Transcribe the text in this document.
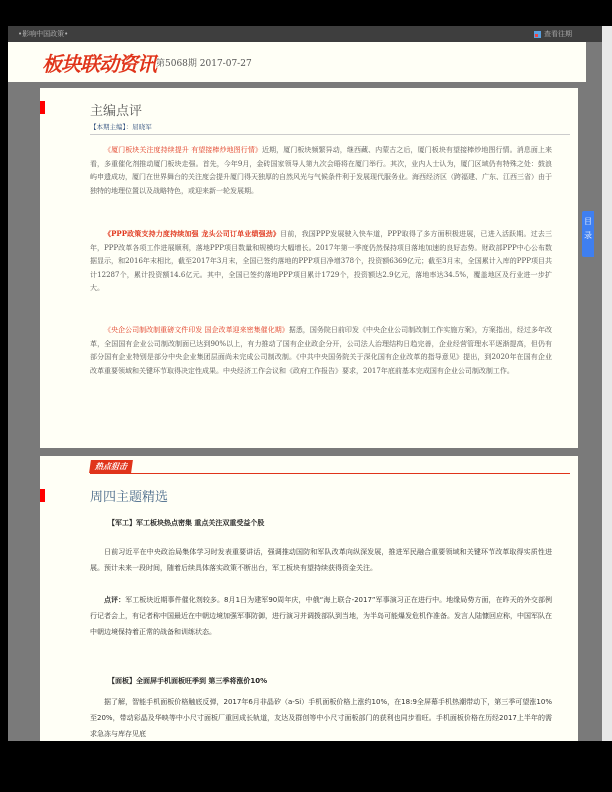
•影响中国政策•	查看往期
板块联动资讯 第5068期 2017-07-27
主编点评
【本期主编】：屈晓军
《厦门板块关注度持续提升 有望接棒炒地图行情》近期，厦门板块频繁异动，继西藏、内蒙古之后，厦门板块有望接棒炒地图行情。消息面上来看，多重催化剂推动厦门板块走强。首先，今年9月，金砖国家领导人第九次会晤将在厦门举行。其次，业内人士认为，厦门区域仍有特殊之处：鼓浪屿申遗成功，厦门在世界舞台的关注度会提升厦门得天独厚的自然风光与气候条件利于发展现代服务业。海西经济区（跨福建、广东、江西三省）由于独特的地理位置以及战略特色，或迎来新一轮发展期。
《PPP政策支持力度持续加强 龙头公司订单业绩强劲》目前，我国PPP发展驶入快车道，PPP取得了多方面积极进展，已进入活跃期。过去三年，PPP改革各项工作进展顺利，落地PPP项目数量和规模均大幅增长。2017年第一季度仍然保持项目落地加速的良好态势。财政部PPP中心公布数据显示，和2016年末相比，截至2017年3月末，全国已签约落地的PPP项目净增378个，投资额6369亿元；截至3月末，全国累计入库的PPP项目共计12287个，累计投资额14.6亿元。其中，全国已签约落地PPP项目累计1729个，投资额达2.9亿元，落地率达34.5%，覆盖地区及行业进一步扩大。
《央企公司制改制重磅文件印发 国企改革迎来密集催化期》据悉，国务院日前印发《中央企业公司制改制工作实施方案》，方案指出，经过多年改革，全国国有企业公司制改制面已达到90%以上，有力推动了国有企业政企分开，公司法人治理结构日趋完善，企业经营管理水平逐渐提高，但仍有部分国有企业特别是部分中央企业集团层面尚未完成公司制改制。《中共中央国务院关于深化国有企业改革的指导意见》提出，到2020年在国有企业改革重要领域和关键环节取得决定性成果。中央经济工作会议和《政府工作报告》要求，2017年底前基本完成国有企业公司制改制工作。
热点狙击
周四主题精选
【军工】军工板块热点密集 重点关注双重受益个股
日前习近平在中央政治局集体学习时发表重要讲话，强调推动国防和军队改革向纵深发展，推进军民融合重要领域和关键环节改革取得实质性进展。预计未来一段时间，随着后续具体落实政策不断出台，军工板块有望持续获得资金关注。
点评：军工板块近期事件催化剂较多。8月1日为建军90周年庆，中俄“海上联合-2017”军事演习正在进行中。地缘局势方面，在昨天的外交部例行记者会上，有记者称中国最近在中朝边境加强军事防御，进行演习并调拨部队到当地，为半岛可能爆发危机作准备。发言人陆慷回应称，中国军队在中朝边境保持着正常的战备和训练状态。
【面板】全面屏手机面板旺季到 第三季将涨价10%
据了解，智能手机面板价格触底反弹，2017年6月非晶矽（a-Si）手机面板价格上涨约10%，在18:9全屏幕手机热潮带动下，第三季可望涨10%至20%，带动彩晶及华映等中小尺寸面板厂重回成长轨道，友达及群创等中小尺寸面板部门的获利也同步看旺。手机面板价格在历经2017上半年的需求急冻与库存见底
目录
